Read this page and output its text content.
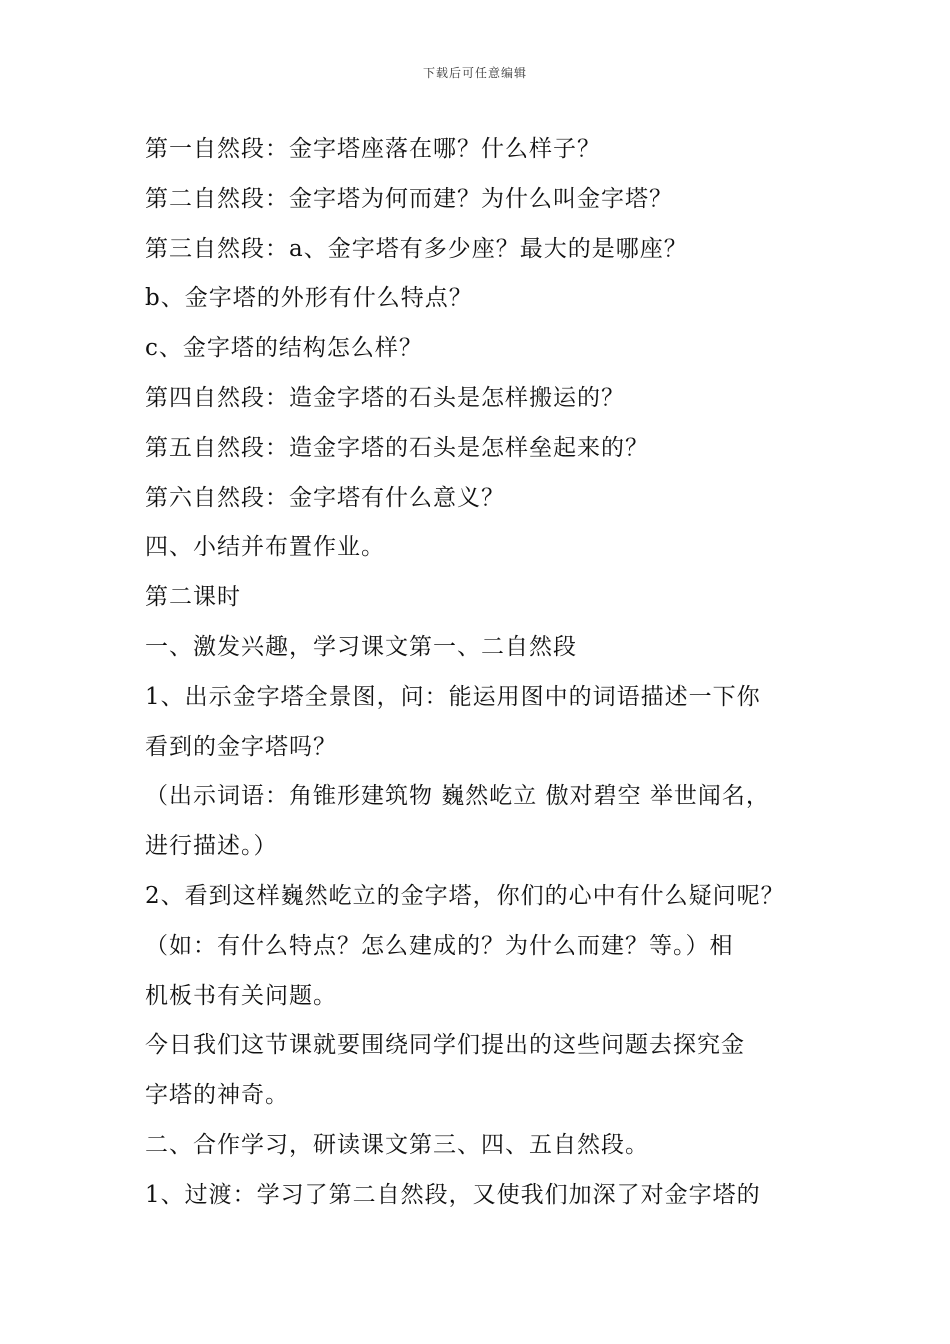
下载后可任意编辑
第一自然段：金字塔座落在哪？什么样子？
第二自然段：金字塔为何而建？为什么叫金字塔？
第三自然段：a、金字塔有多少座？最大的是哪座？
b、金字塔的外形有什么特点？
c、金字塔的结构怎么样？
第四自然段：造金字塔的石头是怎样搬运的？
第五自然段：造金字塔的石头是怎样垒起来的？
第六自然段：金字塔有什么意义？
四、小结并布置作业。
第二课时
一、激发兴趣，学习课文第一、二自然段
1、出示金字塔全景图，问：能运用图中的词语描述一下你
看到的金字塔吗？
（出示词语：角锥形建筑物 巍然屹立 傲对碧空 举世闻名，
进行描述。）
2、看到这样巍然屹立的金字塔，你们的心中有什么疑问呢？
（如：有什么特点？怎么建成的？为什么而建？等。）相
机板书有关问题。
今日我们这节课就要围绕同学们提出的这些问题去探究金
字塔的神奇。
二、合作学习，研读课文第三、四、五自然段。
1、过渡：学习了第二自然段，又使我们加深了对金字塔的
